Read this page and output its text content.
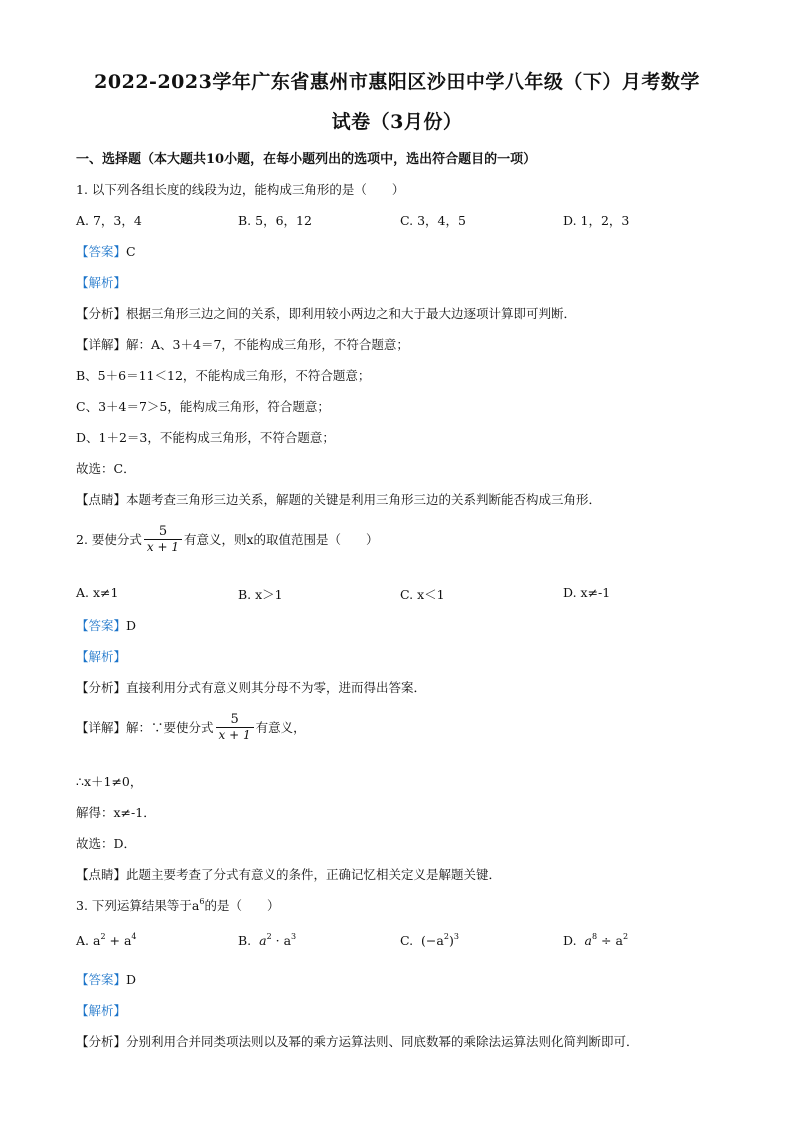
2022-2023学年广东省惠州市惠阳区沙田中学八年级（下）月考数学
试卷（3月份）
一、选择题（本大题共10小题，在每小题列出的选项中，选出符合题目的一项）
1. 以下列各组长度的线段为边，能构成三角形的是（　　）
A. 7，3，4	B. 5，6，12	C. 3，4，5	D. 1，2，3
【答案】C
【解析】
【分析】根据三角形三边之间的关系，即利用较小两边之和大于最大边逐项计算即可判断．
【详解】解：A、3＋4＝7，不能构成三角形，不符合题意；
B、5＋6＝11＜12，不能构成三角形，不符合题意；
C、3＋4＝7＞5，能构成三角形，符合题意；
D、1＋2＝3，不能构成三角形，不符合题意；
故选：C．
【点睛】本题考查三角形三边关系，解题的关键是利用三角形三边的关系判断能否构成三角形．
2. 要使分式 $\frac{5}{x + 1}$ 有意义，则x的取值范围是（　　）
A. x≠1	B. x＞1	C. x＜1	D. x≠-1
【答案】D
【解析】
【分析】直接利用分式有意义则其分母不为零，进而得出答案．
【详解】解：∵要使分式 $\frac{5}{x + 1}$ 有意义，
∴x＋1≠0，
解得：x≠-1．
故选：D．
【点睛】此题主要考查了分式有意义的条件，正确记忆相关定义是解题关键．
3. 下列运算结果等于$a^6$的是（　　）
A. $a^2 + a^4$	B. $a^2 \cdot a^3$	C.  $(-a^2)^3$	D. $a^8 \div a^2$
【答案】D
【解析】
【分析】分别利用合并同类项法则以及幂的乘方运算法则、同底数幂的乘除法运算法则化简判断即可．
